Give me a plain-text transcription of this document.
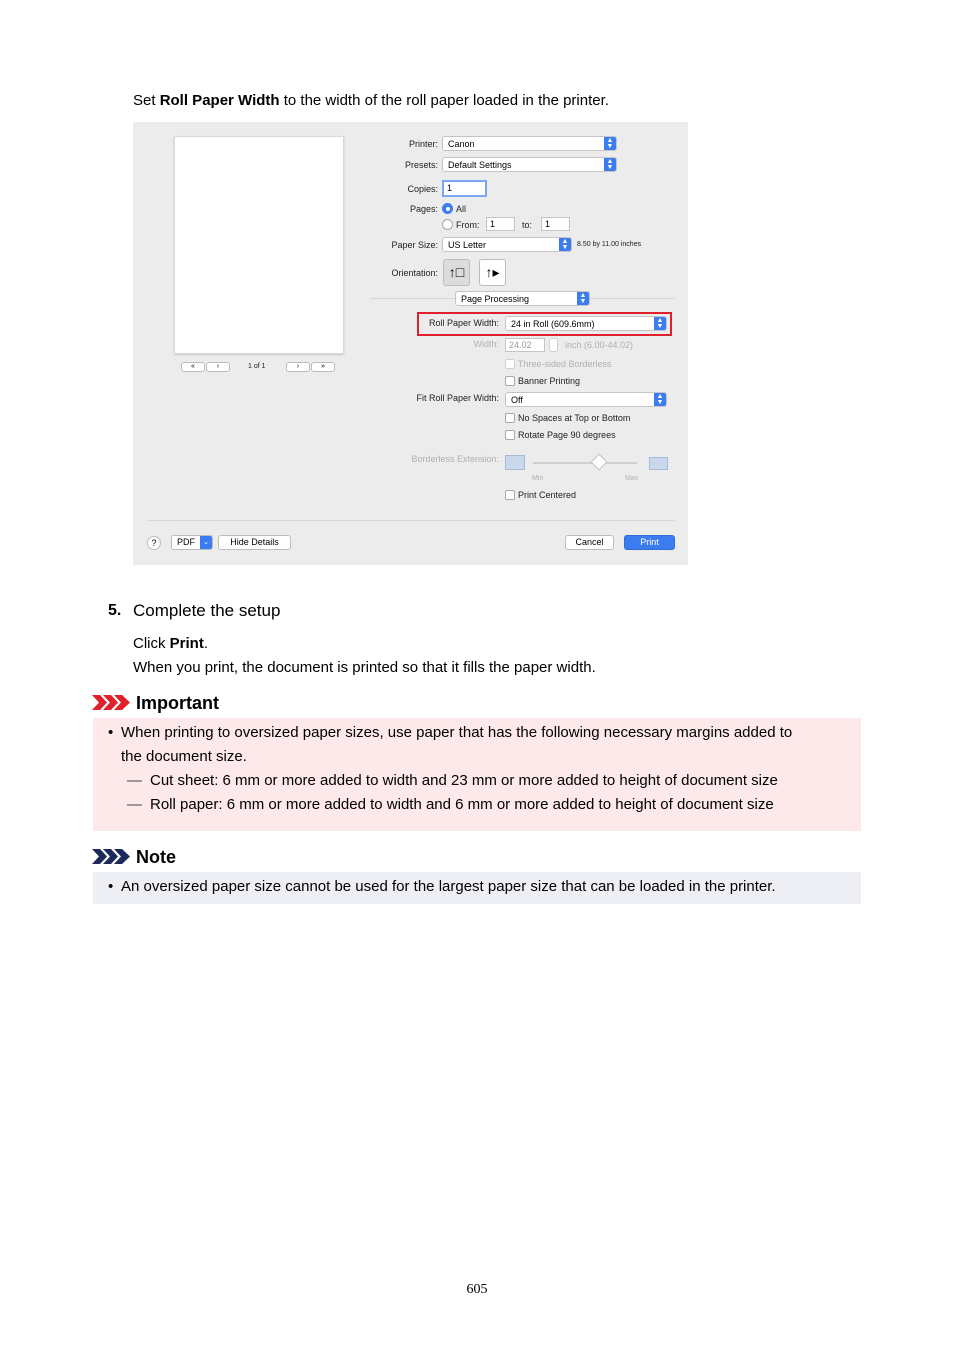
Set Roll Paper Width to the width of the roll paper loaded in the printer.
«	‹	1 of 1	›	»
Printer:	Canon	▲
▼
Presets:	Default Settings	▲
▼
Copies:	1
Pages: All
From:	1	to:	1
Paper Size:	US Letter	▲
▼	8.50 by 11.00 inches
Orientation: ↑□	↑▸
Page Processing	▲
▼
Roll Paper Width:	24 in Roll (609.6mm)	▲
▼
Width:	24.02	inch (6.00-44.02)
Three-sided Borderless
Banner Printing
Fit Roll Paper Width:	Off	▲
▼
No Spaces at Top or Bottom
Rotate Page 90 degrees
Borderless Extension:
Min	Max
Print Centered
?	PDF	⌄	Hide Details	Cancel	Print
5. Complete the setup
Click Print.
When you print, the document is printed so that it fills the paper width.
Important
• When printing to oversized paper sizes, use paper that has the following necessary margins added to
the document size.
— Cut sheet: 6 mm or more added to width and 23 mm or more added to height of document size
— Roll paper: 6 mm or more added to width and 6 mm or more added to height of document size
Note
• An oversized paper size cannot be used for the largest paper size that can be loaded in the printer.
605
